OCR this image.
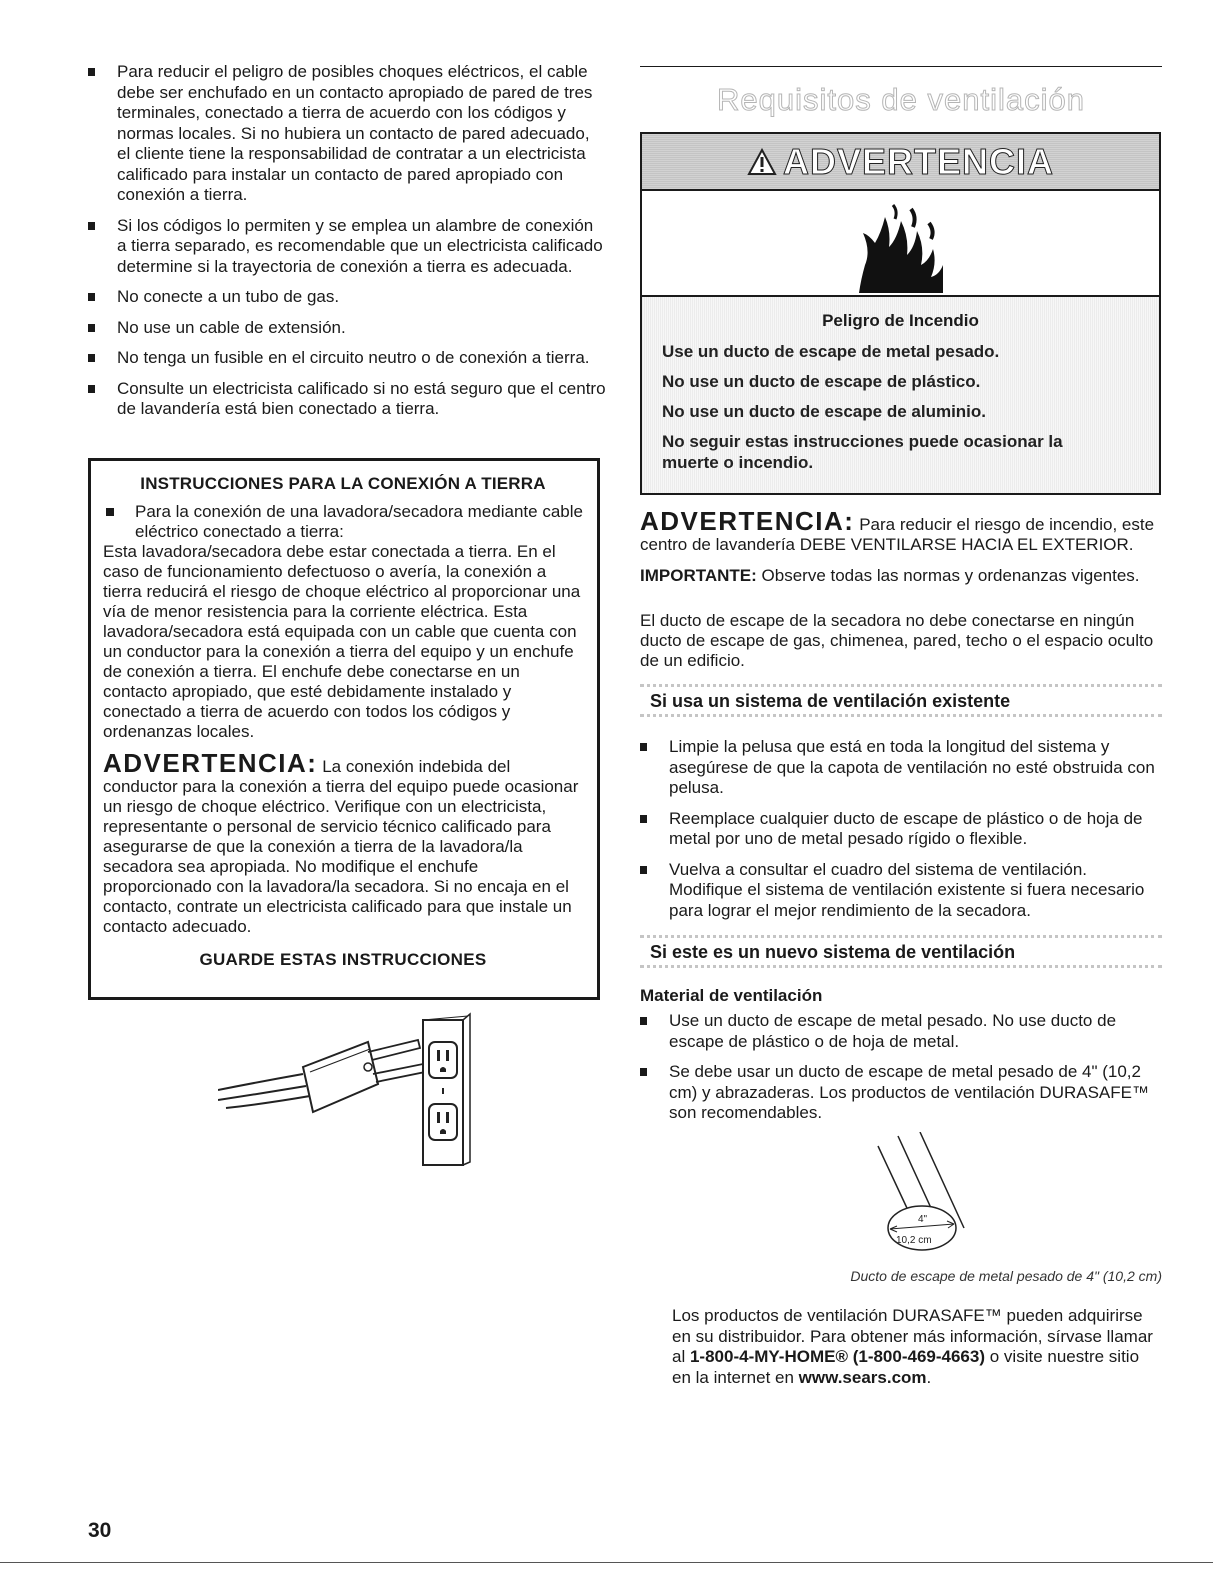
Para reducir el peligro de posibles choques eléctricos, el cable debe ser enchufado en un contacto apropiado de pared de tres terminales, conectado a tierra de acuerdo con los códigos y normas locales. Si no hubiera un contacto de pared adecuado, el cliente tiene la responsabilidad de contratar a un electricista calificado para instalar un contacto de pared apropiado con conexión a tierra.
Si los códigos lo permiten y se emplea un alambre de conexión a tierra separado, es recomendable que un electricista calificado determine si la trayectoria de conexión a tierra es adecuada.
No conecte a un tubo de gas.
No use un cable de extensión.
No tenga un fusible en el circuito neutro o de conexión a tierra.
Consulte un electricista calificado si no está seguro que el centro de lavandería está bien conectado a tierra.
INSTRUCCIONES PARA LA CONEXIÓN A TIERRA
Para la conexión de una lavadora/secadora mediante cable eléctrico conectado a tierra:

Esta lavadora/secadora debe estar conectada a tierra. En el caso de funcionamiento defectuoso o avería, la conexión a tierra reducirá el riesgo de choque eléctrico al proporcionar una vía de menor resistencia para la corriente eléctrica. Esta lavadora/secadora está equipada con un cable que cuenta con un conductor para la conexión a tierra del equipo y un enchufe de conexión a tierra. El enchufe debe conectarse en un contacto apropiado, que esté debidamente instalado y conectado a tierra de acuerdo con todos los códigos y ordenanzas locales.

ADVERTENCIA: La conexión indebida del conductor para la conexión a tierra del equipo puede ocasionar un riesgo de choque eléctrico. Verifique con un electricista, representante o personal de servicio técnico calificado para asegurarse de que la conexión a tierra de la lavadora/la secadora sea apropiada. No modifique el enchufe proporcionado con la lavadora/la secadora. Si no encaja en el contacto, contrate un electricista calificado para que instale un contacto adecuado.

GUARDE ESTAS INSTRUCCIONES
30
Requisitos de ventilación
ADVERTENCIA
Peligro de Incendio
Use un ducto de escape de metal pesado.
No use un ducto de escape de plástico.
No use un ducto de escape de aluminio.
No seguir estas instrucciones puede ocasionar la muerte o incendio.

ADVERTENCIA: Para reducir el riesgo de incendio, este centro de lavandería DEBE VENTILARSE HACIA EL EXTERIOR.

IMPORTANTE: Observe todas las normas y ordenanzas vigentes.

El ducto de escape de la secadora no debe conectarse en ningún ducto de escape de gas, chimenea, pared, techo o el espacio oculto de un edificio.

Si usa un sistema de ventilación existente
Limpie la pelusa que está en toda la longitud del sistema y asegúrese de que la capota de ventilación no esté obstruida con pelusa.
Reemplace cualquier ducto de escape de plástico o de hoja de metal por uno de metal pesado rígido o flexible.
Vuelva a consultar el cuadro del sistema de ventilación. Modifique el sistema de ventilación existente si fuera necesario para lograr el mejor rendimiento de la secadora.
Si este es un nuevo sistema de ventilación
Material de ventilación
Use un ducto de escape de metal pesado. No use ducto de escape de plástico o de hoja de metal.
Se debe usar un ducto de escape de metal pesado de 4" (10,2 cm) y abrazaderas. Los productos de ventilación DURASAFE™ son recomendables.
4"
10,2 cm
Ducto de escape de metal pesado de 4" (10,2 cm)

Los productos de ventilación DURASAFE™ pueden adquirirse en su distribuidor. Para obtener más información, sírvase llamar al 1-800-4-MY-HOME® (1-800-469-4663) o visite nuestre sitio en la internet en www.sears.com.
